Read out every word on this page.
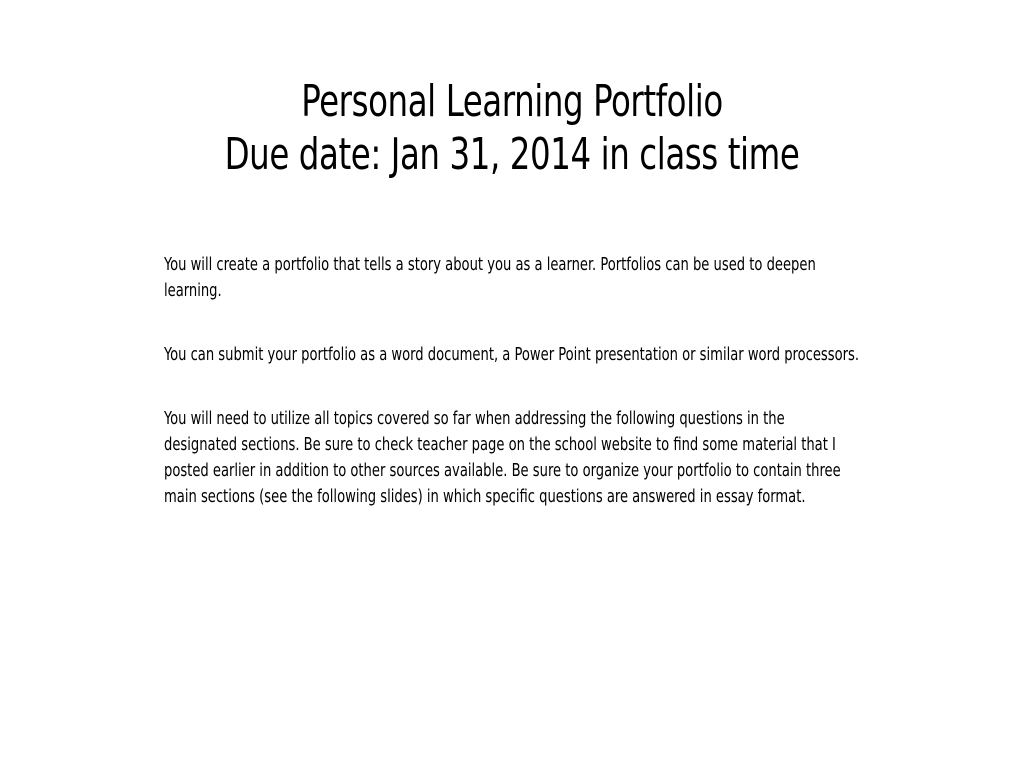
Personal Learning Portfolio
Due date: Jan 31, 2014 in class time

You will create a portfolio that tells a story about you as a learner. Portfolios can be used to deepen learning.

You can submit your portfolio as a word document, a Power Point presentation or similar word processors.

You will need to utilize all topics covered so far when addressing the following questions in the designated sections. Be sure to check teacher page on the school website to find some material that I posted earlier in addition to other sources available. Be sure to organize your portfolio to contain three main sections (see the following slides) in which specific questions are answered in essay format.
